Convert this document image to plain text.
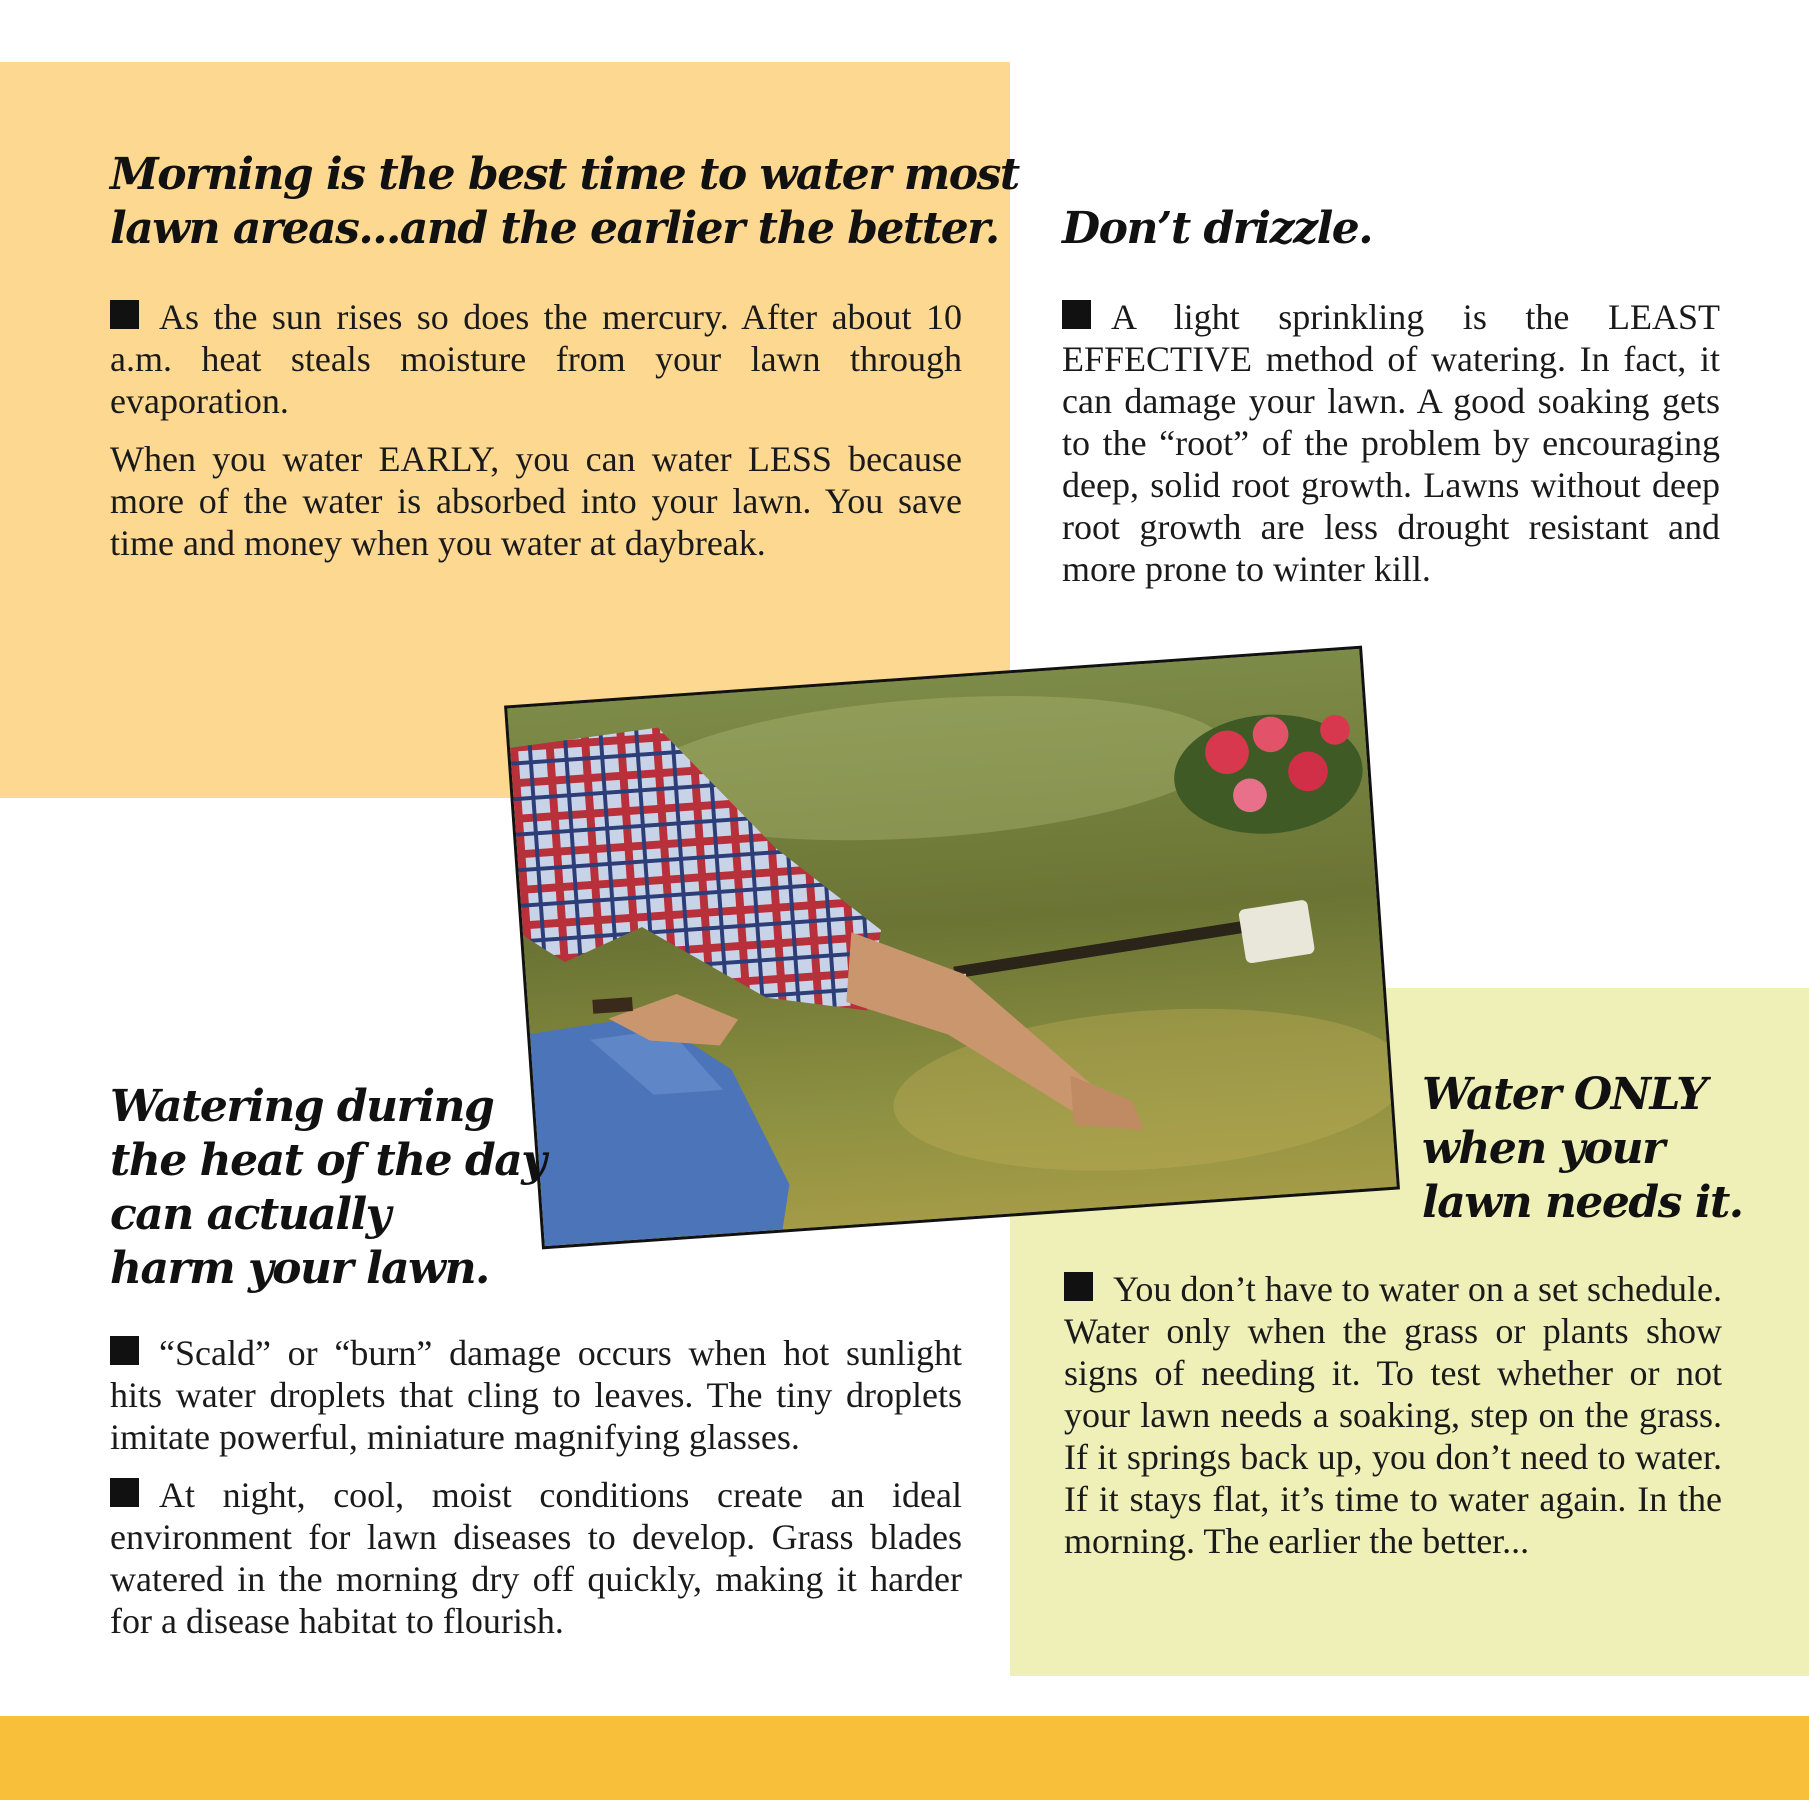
Morning is the best time to water most
lawn areas...and the earlier the better.

As the sun rises so does the mercury. After about 10 a.m. heat steals moisture from your lawn through evaporation.

When you water EARLY, you can water LESS because more of the water is absorbed into your lawn. You save time and money when you water at daybreak.

Don’t drizzle.

A light sprinkling is the LEAST EFFECTIVE method of watering. In fact, it can damage your lawn. A good soaking gets to the “root” of the problem by encouraging deep, solid root growth. Lawns without deep root growth are less drought resistant and more prone to winter kill.

Watering during
the heat of the day
can actually
harm your lawn.

“Scald” or “burn” damage occurs when hot sunlight hits water droplets that cling to leaves. The tiny droplets imitate powerful, miniature magnifying glasses.

At night, cool, moist conditions create an ideal environment for lawn diseases to develop. Grass blades watered in the morning dry off quickly, making it harder for a disease habitat to flourish.

Water ONLY
when your
lawn needs it.

You don’t have to water on a set schedule. Water only when the grass or plants show signs of needing it. To test whether or not your lawn needs a soaking, step on the grass. If it springs back up, you don’t need to water. If it stays flat, it’s time to water again. In the morning. The earlier the better...
